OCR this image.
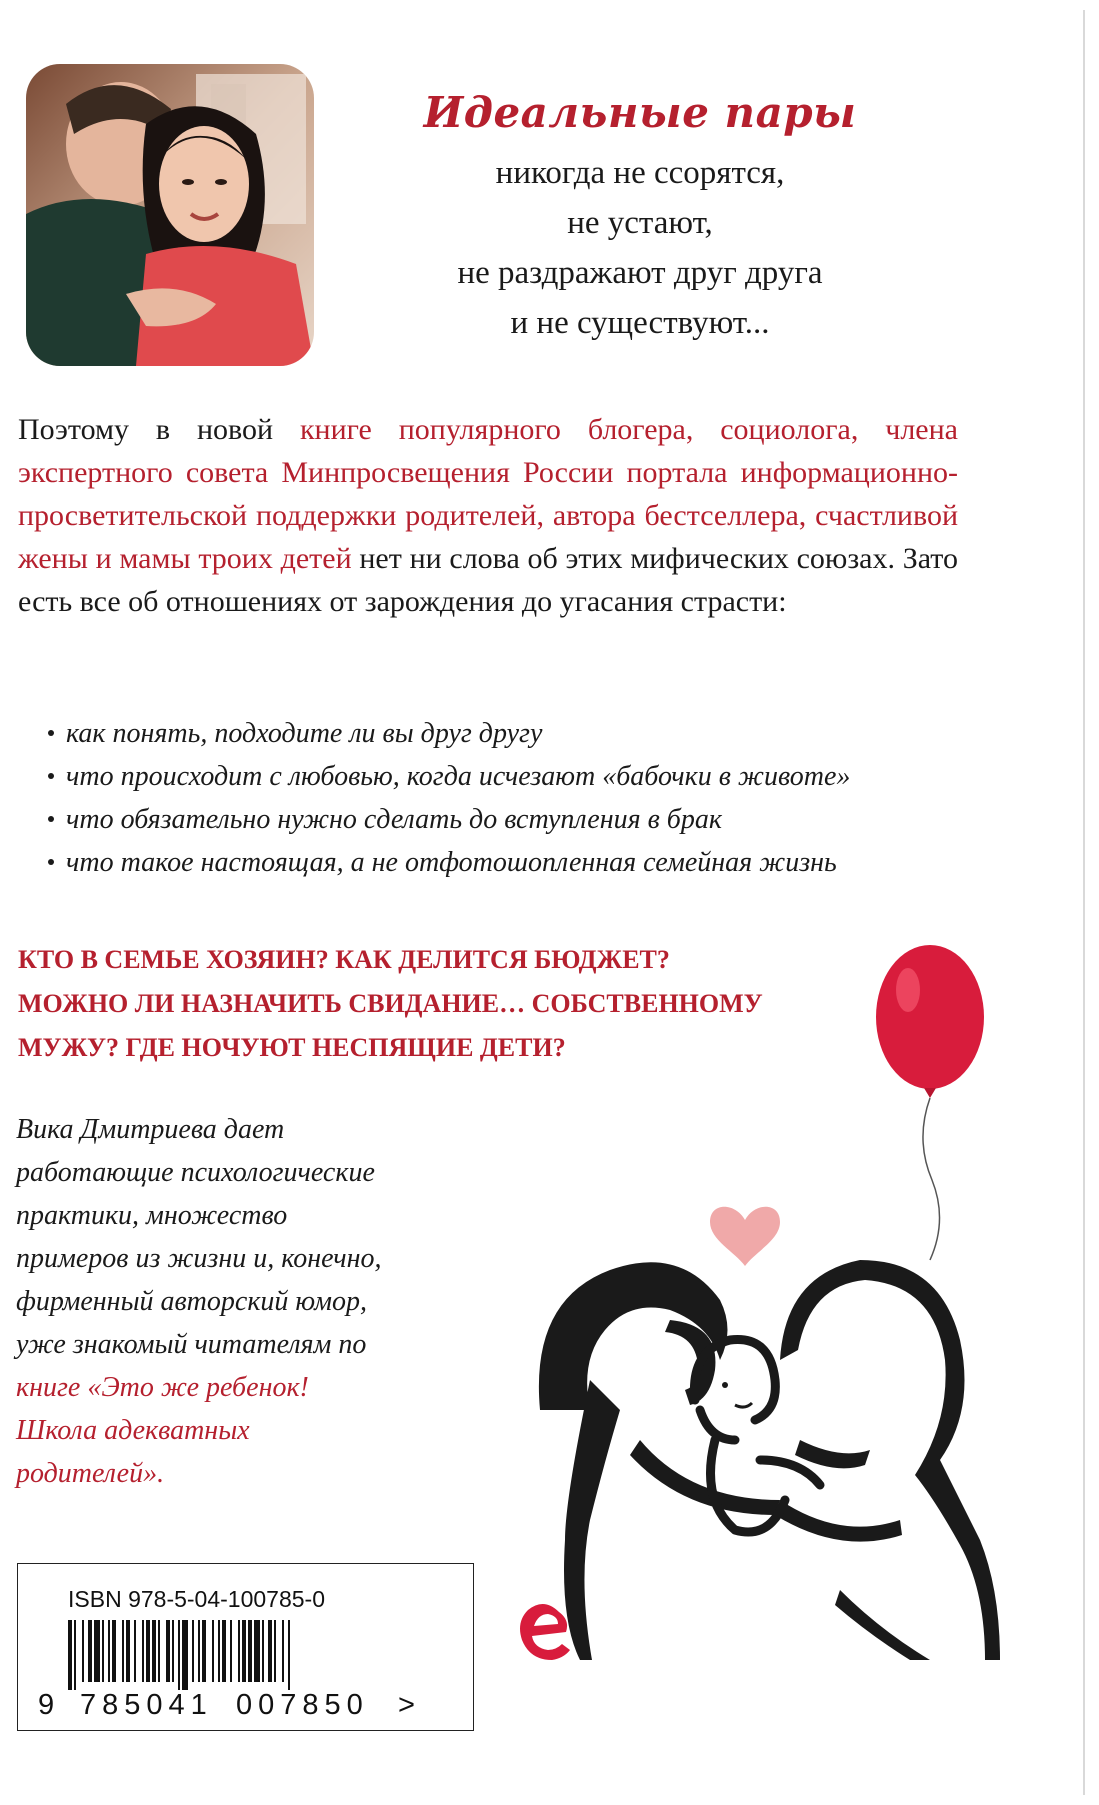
Идеальные пары
никогда не ссорятся,
не устают,
не раздражают друг друга
и не существуют...
Поэтому в новой книге популярного блогера, социолога, члена экспертного совета Минпросвещения России портала информационно-просветительской поддержки родителей, автора бестселлера, счастливой жены и мамы троих детей нет ни слова об этих мифических союзах. Зато есть все об отношениях от зарождения до угасания страсти:
как понять, подходите ли вы друг другу
что происходит с любовью, когда исчезают «бабочки в животе»
что обязательно нужно сделать до вступления в брак
что такое настоящая, а не отфотошопленная семейная жизнь
КТО В СЕМЬЕ ХОЗЯИН? КАК ДЕЛИТСЯ БЮДЖЕТ?
МОЖНО ЛИ НАЗНАЧИТЬ СВИДАНИЕ… СОБСТВЕННОМУ
МУЖУ? ГДЕ НОЧУЮТ НЕСПЯЩИЕ ДЕТИ?
Вика Дмитриева дает
работающие психологические
практики, множество
примеров из жизни и, конечно,
фирменный авторский юмор,
уже знакомый читателям по
книге «Это же ребенок!
Школа адекватных
родителей».
ISBN 978-5-04-100785-0
9 785041 007850 >
